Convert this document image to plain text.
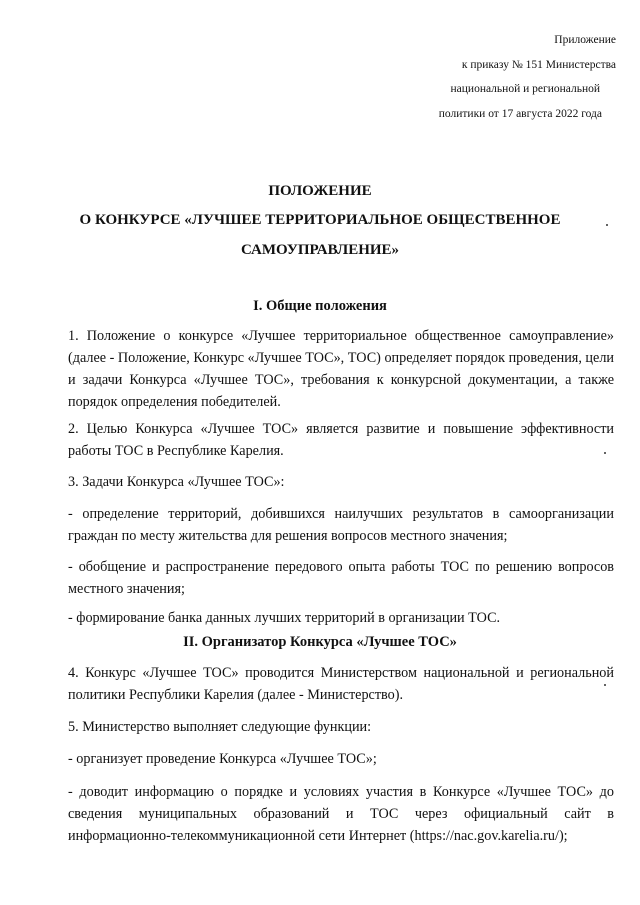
Приложение
к приказу № 151 Министерства
национальной и региональной
политики от 17 августа 2022 года
ПОЛОЖЕНИЕ
О КОНКУРСЕ «ЛУЧШЕЕ ТЕРРИТОРИАЛЬНОЕ ОБЩЕСТВЕННОЕ
САМОУПРАВЛЕНИЕ»
I. Общие положения
1. Положение о конкурсе «Лучшее территориальное общественное самоуправление» (далее - Положение, Конкурс «Лучшее ТОС», ТОС) определяет порядок проведения, цели и задачи Конкурса «Лучшее ТОС», требования к конкурсной документации, а также порядок определения победителей.
2. Целью Конкурса «Лучшее ТОС» является развитие и повышение эффективности работы ТОС в Республике Карелия.
3. Задачи Конкурса «Лучшее ТОС»:
- определение территорий, добившихся наилучших результатов в самоорганизации граждан по месту жительства для решения вопросов местного значения;
- обобщение и распространение передового опыта работы ТОС по решению вопросов местного значения;
- формирование банка данных лучших территорий в организации ТОС.
II. Организатор Конкурса «Лучшее ТОС»
4. Конкурс «Лучшее ТОС» проводится Министерством национальной и региональной политики Республики Карелия (далее - Министерство).
5. Министерство выполняет следующие функции:
- организует проведение Конкурса «Лучшее ТОС»;
- доводит информацию о порядке и условиях участия в Конкурсе «Лучшее ТОС» до сведения муниципальных образований и ТОС через официальный сайт в информационно-телекоммуникационной сети Интернет (https://nac.gov.karelia.ru/);
